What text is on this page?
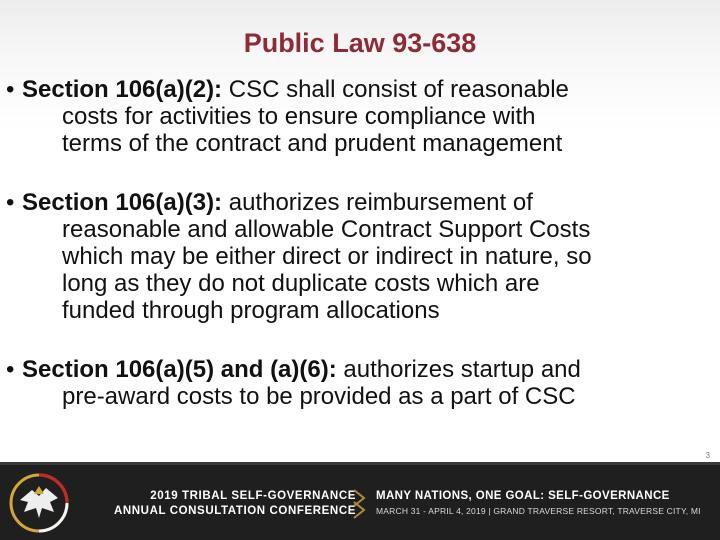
Public Law 93-638
• Section 106(a)(2): CSC shall consist of reasonable
costs for activities to ensure compliance with
terms of the contract and prudent management
• Section 106(a)(3): authorizes reimbursement of
reasonable and allowable Contract Support Costs
which may be either direct or indirect in nature, so
long as they do not duplicate costs which are
funded through program allocations
• Section 106(a)(5) and (a)(6): authorizes startup and
pre-award costs to be provided as a part of CSC
3
2019 TRIBAL SELF-GOVERNANCE
ANNUAL CONSULTATION CONFERENCE
MANY NATIONS, ONE GOAL: SELF-GOVERNANCE
MARCH 31 - APRIL 4, 2019 | GRAND TRAVERSE RESORT, TRAVERSE CITY, MI
